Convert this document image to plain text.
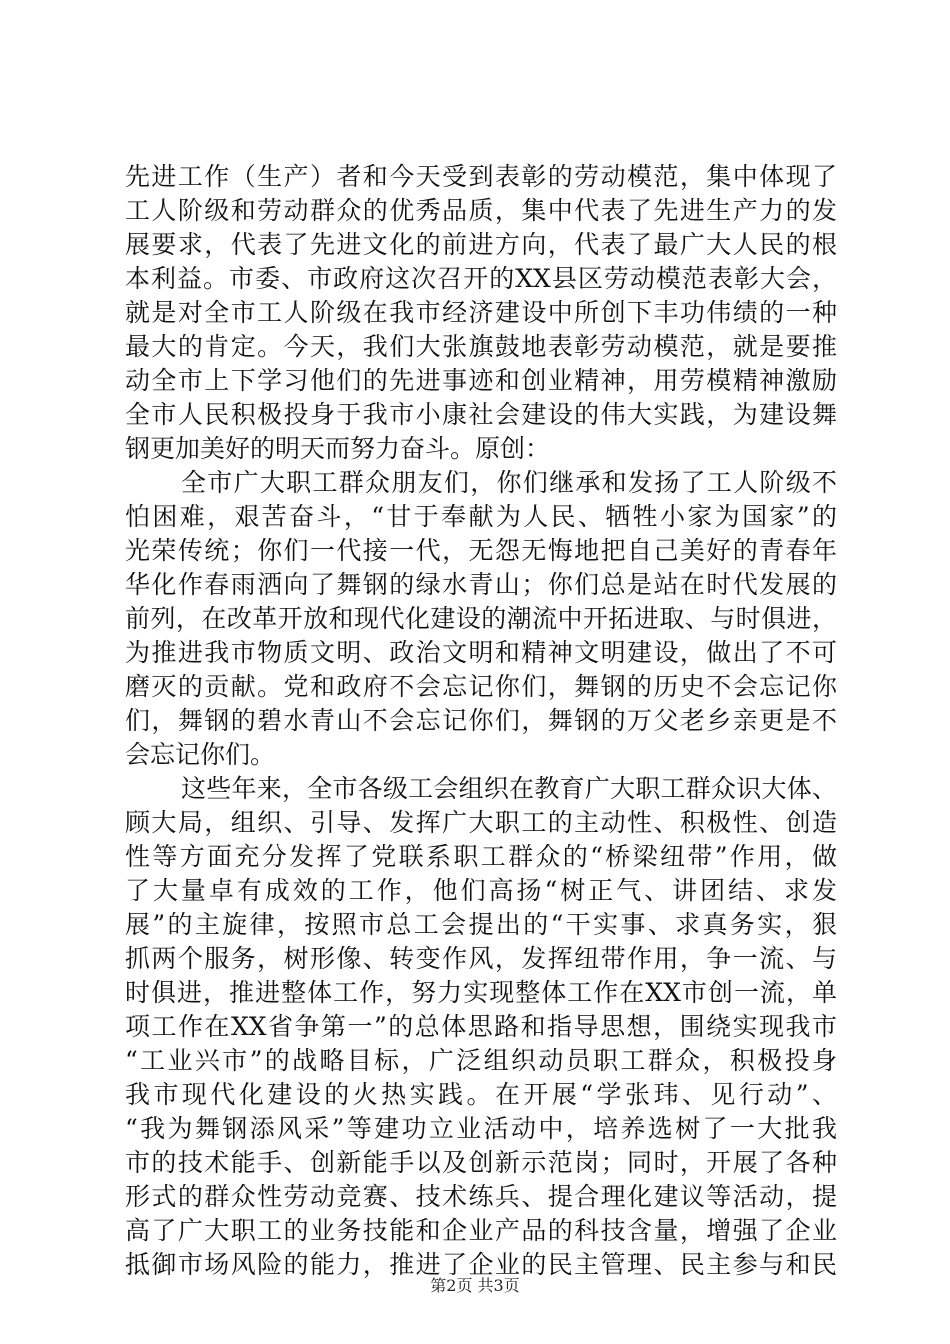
先进工作（生产）者和今天受到表彰的劳动模范，集中体现了
工人阶级和劳动群众的优秀品质，集中代表了先进生产力的发
展要求，代表了先进文化的前进方向，代表了最广大人民的根
本利益。市委、市政府这次召开的XX县区劳动模范表彰大会，
就是对全市工人阶级在我市经济建设中所创下丰功伟绩的一种
最大的肯定。今天，我们大张旗鼓地表彰劳动模范，就是要推
动全市上下学习他们的先进事迹和创业精神，用劳模精神激励
全市人民积极投身于我市小康社会建设的伟大实践，为建设舞
钢更加美好的明天而努力奋斗。原创：
全市广大职工群众朋友们，你们继承和发扬了工人阶级不
怕困难，艰苦奋斗，“甘于奉献为人民、牺牲小家为国家”的
光荣传统；你们一代接一代，无怨无悔地把自己美好的青春年
华化作春雨洒向了舞钢的绿水青山；你们总是站在时代发展的
前列，在改革开放和现代化建设的潮流中开拓进取、与时俱进，
为推进我市物质文明、政治文明和精神文明建设，做出了不可
磨灭的贡献。党和政府不会忘记你们，舞钢的历史不会忘记你
们，舞钢的碧水青山不会忘记你们，舞钢的万父老乡亲更是不
会忘记你们。
这些年来，全市各级工会组织在教育广大职工群众识大体、
顾大局，组织、引导、发挥广大职工的主动性、积极性、创造
性等方面充分发挥了党联系职工群众的“桥梁纽带”作用，做
了大量卓有成效的工作，他们高扬“树正气、讲团结、求发
展”的主旋律，按照市总工会提出的“干实事、求真务实，狠
抓两个服务，树形像、转变作风，发挥纽带作用，争一流、与
时俱进，推进整体工作，努力实现整体工作在XX市创一流，单
项工作在XX省争第一”的总体思路和指导思想，围绕实现我市
“工业兴市”的战略目标，广泛组织动员职工群众，积极投身
我市现代化建设的火热实践。在开展“学张玮、见行动”、
“我为舞钢添风采”等建功立业活动中，培养选树了一大批我
市的技术能手、创新能手以及创新示范岗；同时，开展了各种
形式的群众性劳动竞赛、技术练兵、提合理化建议等活动，提
高了广大职工的业务技能和企业产品的科技含量，增强了企业
抵御市场风险的能力，推进了企业的民主管理、民主参与和民
第2页 共3页
